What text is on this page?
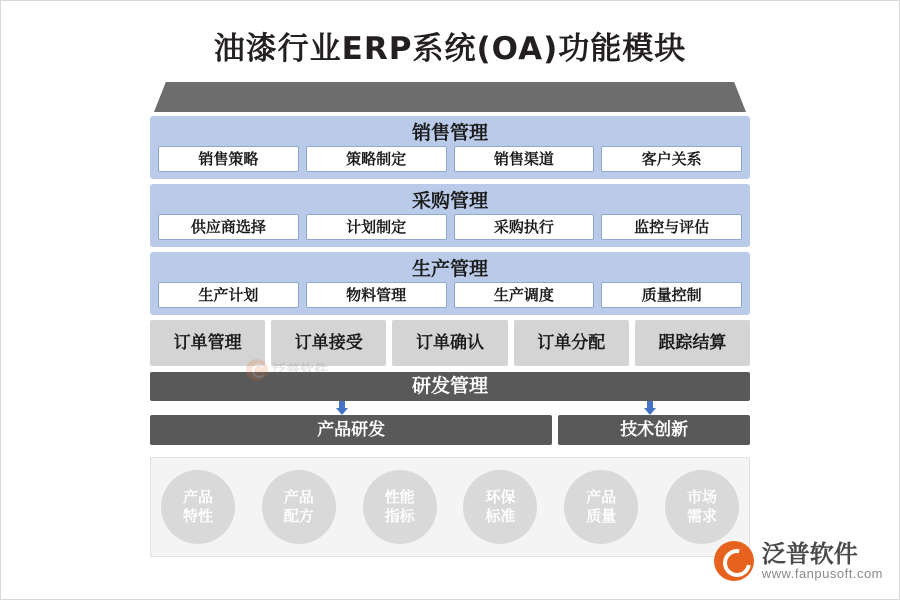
油漆行业ERP系统(OA)功能模块
销售管理
销售策略	策略制定	销售渠道	客户关系
采购管理
供应商选择	计划制定	采购执行	监控与评估
生产管理
生产计划	物料管理	生产调度	质量控制
订单管理	订单接受	订单确认	订单分配	跟踪结算
研发管理
产品研发	技术创新
产品
特性
产品
配方
性能
指标
环保
标准
产品
质量
市场
需求
泛普软件
泛普软件
www.fanpusoft.com
